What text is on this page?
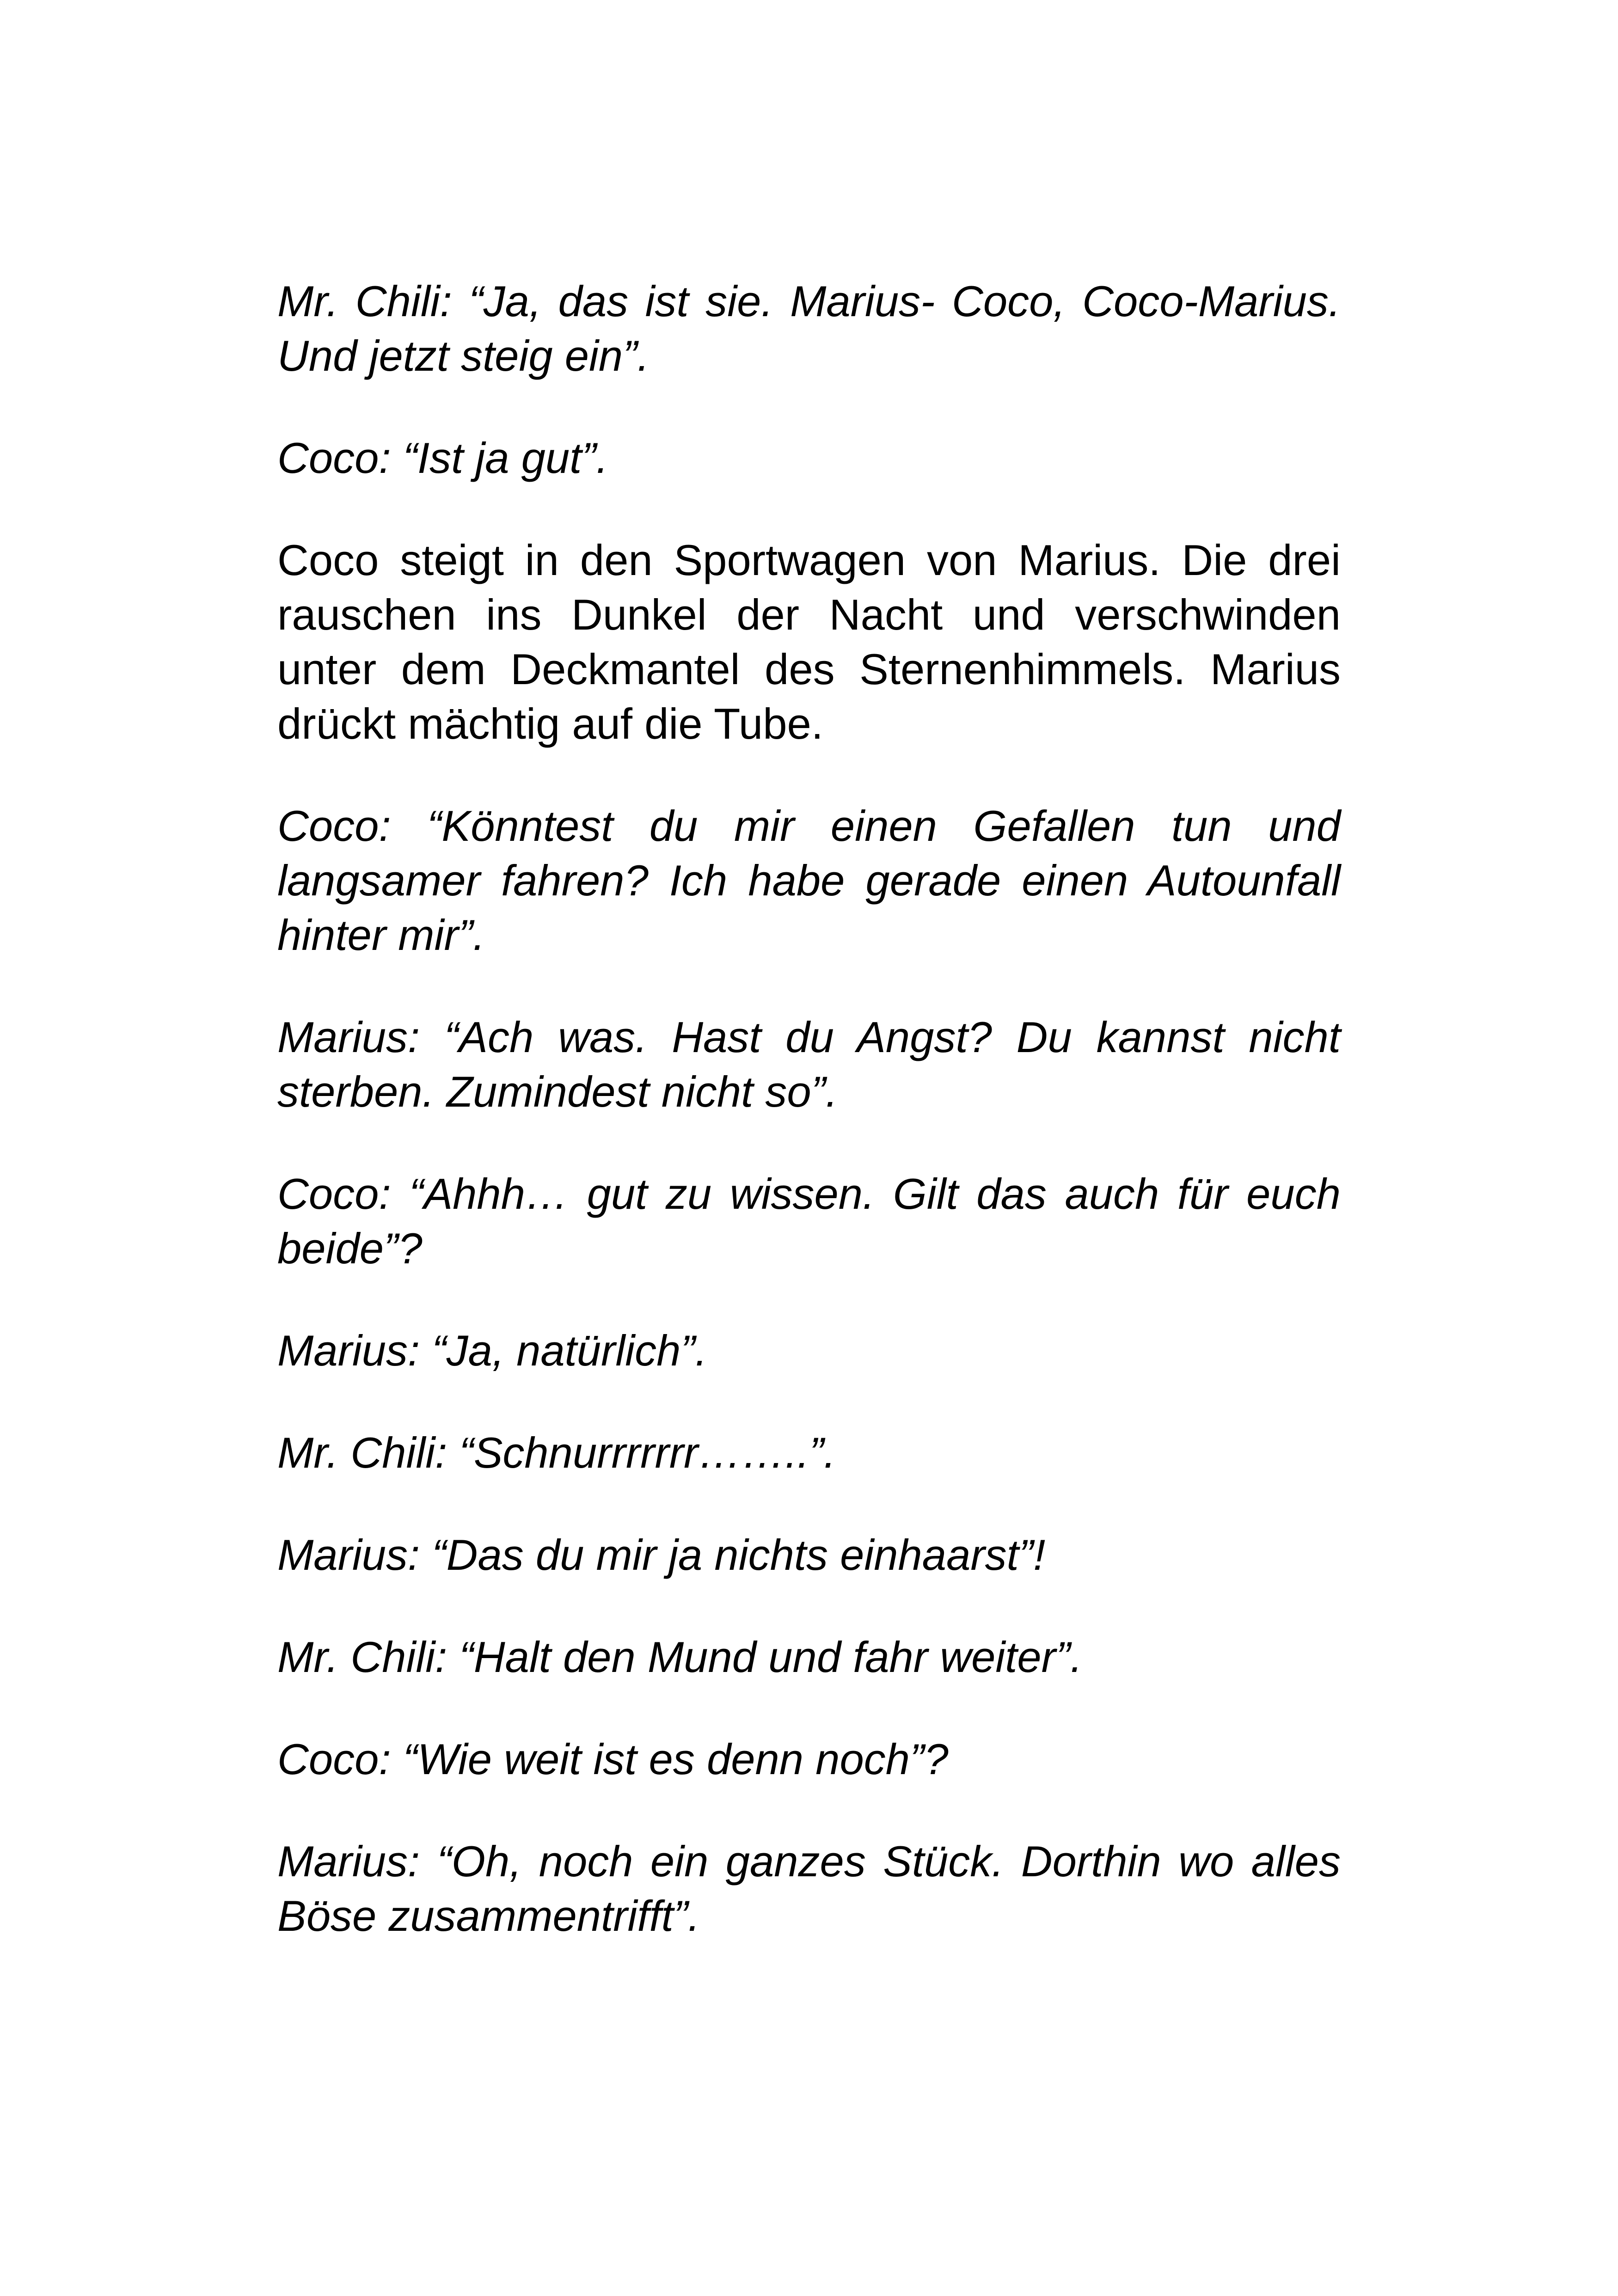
Mr. Chili: “Ja, das ist sie. Marius- Coco, Coco-Marius. Und jetzt steig ein”.

Coco: “Ist ja gut”.

Coco steigt in den Sportwagen von Marius. Die drei rauschen ins Dunkel der Nacht und verschwinden unter dem Deckmantel des Sternenhimmels. Marius drückt mächtig auf die Tube.

Coco: “Könntest du mir einen Gefallen tun und langsamer fahren? Ich habe gerade einen Autounfall hinter mir”.

Marius: “Ach was. Hast du Angst? Du kannst nicht sterben. Zumindest nicht so”.

Coco: “Ahhh… gut zu wissen. Gilt das auch für euch beide”?

Marius: “Ja, natürlich”.

Mr. Chili: “Schnurrrrrrr……..”.

Marius: “Das du mir ja nichts einhaarst”!

Mr. Chili: “Halt den Mund und fahr weiter”.

Coco: “Wie weit ist es denn noch”?

Marius: “Oh, noch ein ganzes Stück. Dorthin wo alles Böse zusammentrifft”.
